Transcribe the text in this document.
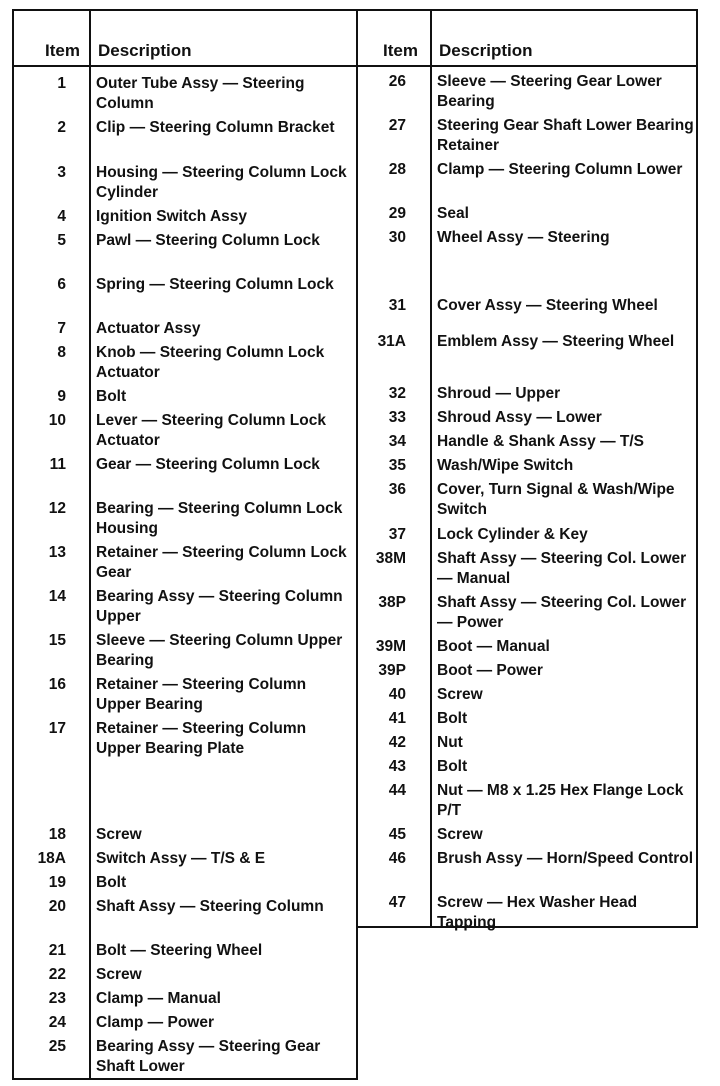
Item Description
1 Outer Tube Assy — Steering Column
2 Clip — Steering Column Bracket
3 Housing — Steering Column Lock Cylinder
4 Ignition Switch Assy
5 Pawl — Steering Column Lock
6 Spring — Steering Column Lock
7 Actuator Assy
8 Knob — Steering Column Lock Actuator
9 Bolt
10 Lever — Steering Column Lock Actuator
11 Gear — Steering Column Lock
12 Bearing — Steering Column Lock Housing
13 Retainer — Steering Column Lock Gear
14 Bearing Assy — Steering Column Upper
15 Sleeve — Steering Column Upper Bearing
16 Retainer — Steering Column Upper Bearing
17 Retainer — Steering Column Upper Bearing Plate
18 Screw
18A Switch Assy — T/S & E
19 Bolt
20 Shaft Assy — Steering Column
21 Bolt — Steering Wheel
22 Screw
23 Clamp — Manual
24 Clamp — Power
25 Bearing Assy — Steering Gear Shaft Lower
Item Description
26 Sleeve — Steering Gear Lower Bearing
27 Steering Gear Shaft Lower Bearing Retainer
28 Clamp — Steering Column Lower
29 Seal
30 Wheel Assy — Steering
31 Cover Assy — Steering Wheel
31A Emblem Assy — Steering Wheel
32 Shroud — Upper
33 Shroud Assy — Lower
34 Handle & Shank Assy — T/S
35 Wash/Wipe Switch
36 Cover, Turn Signal & Wash/Wipe Switch
37 Lock Cylinder & Key
38M Shaft Assy — Steering Col. Lower — Manual
38P Shaft Assy — Steering Col. Lower — Power
39M Boot — Manual
39P Boot — Power
40 Screw
41 Bolt
42 Nut
43 Bolt
44 Nut — M8 x 1.25 Hex Flange Lock P/T
45 Screw
46 Brush Assy — Horn/Speed Control
47 Screw — Hex Washer Head Tapping
